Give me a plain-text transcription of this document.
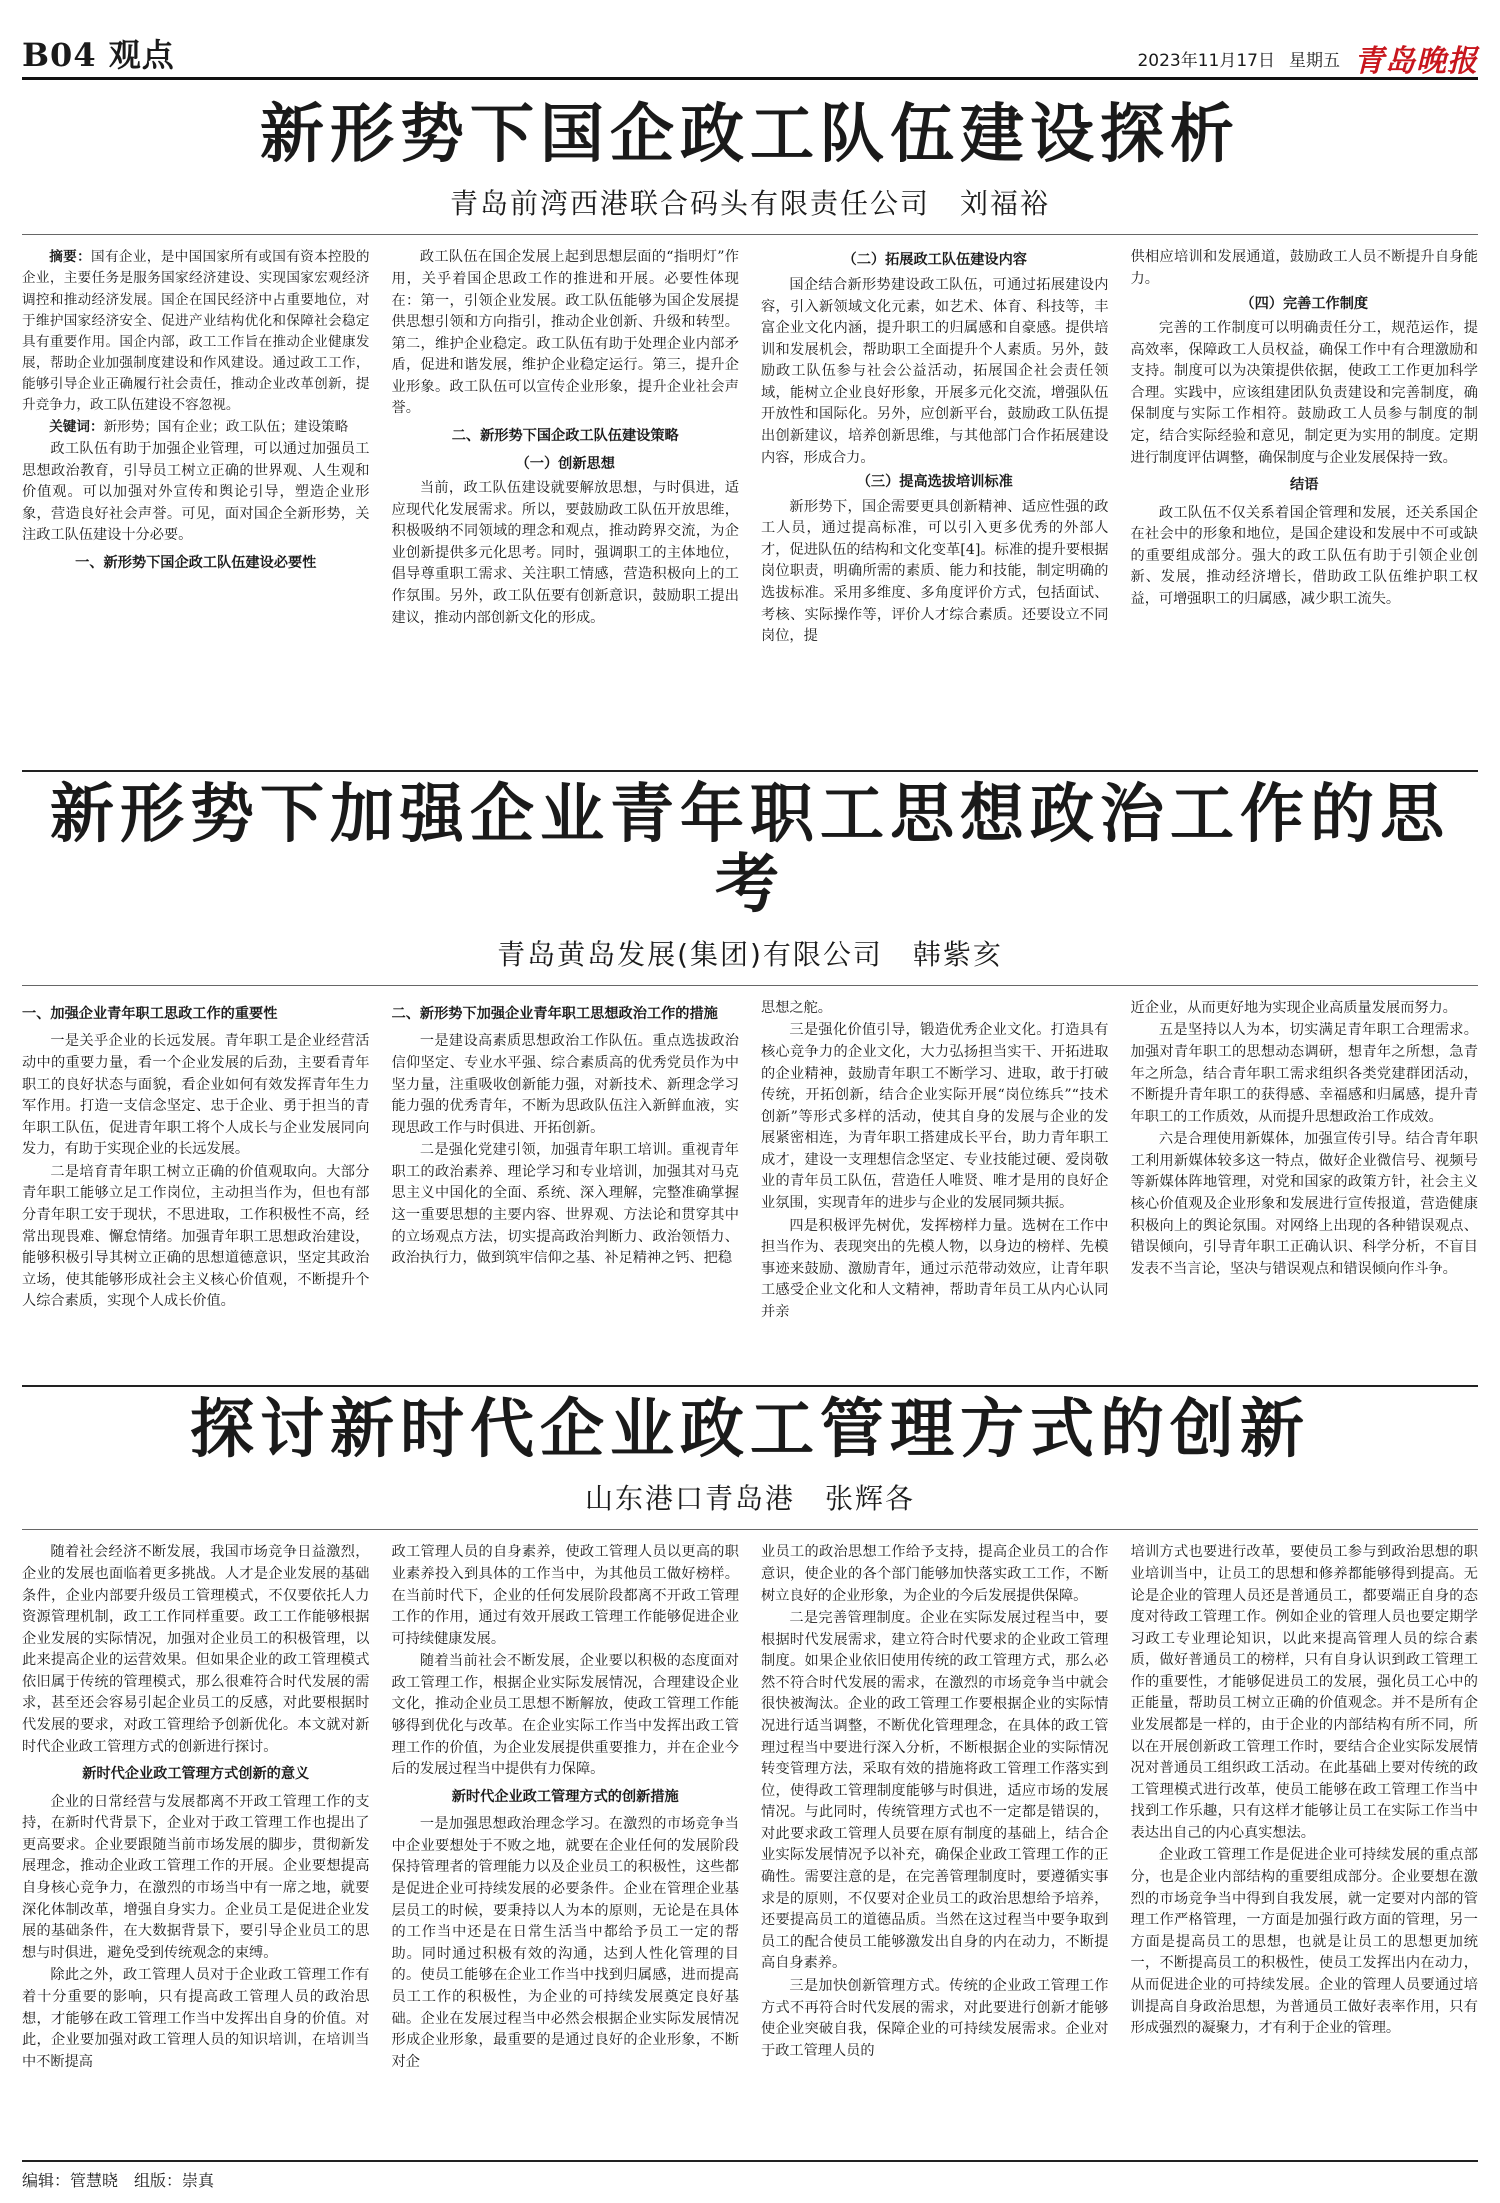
B04 观点	2023年11月17日 星期五 青岛晚报
新形势下国企政工队伍建设探析
青岛前湾西港联合码头有限责任公司　刘福裕

摘要：国有企业，是中国国家所有或国有资本控股的企业，主要任务是服务国家经济建设、实现国家宏观经济调控和推动经济发展。国企在国民经济中占重要地位，对于维护国家经济安全、促进产业结构优化和保障社会稳定具有重要作用。国企内部，政工工作旨在推动企业健康发展，帮助企业加强制度建设和作风建设。通过政工工作，能够引导企业正确履行社会责任，推动企业改革创新，提升竞争力，政工队伍建设不容忽视。

关键词：新形势；国有企业；政工队伍；建设策略

政工队伍有助于加强企业管理，可以通过加强员工思想政治教育，引导员工树立正确的世界观、人生观和价值观。可以加强对外宣传和舆论引导，塑造企业形象，营造良好社会声誉。可见，面对国企全新形势，关注政工队伍建设十分必要。

一、新形势下国企政工队伍建设必要性

政工队伍在国企发展上起到思想层面的“指明灯”作用，关乎着国企思政工作的推进和开展。必要性体现在：第一，引领企业发展。政工队伍能够为国企发展提供思想引领和方向指引，推动企业创新、升级和转型。第二，维护企业稳定。政工队伍有助于处理企业内部矛盾，促进和谐发展，维护企业稳定运行。第三，提升企业形象。政工队伍可以宣传企业形象，提升企业社会声誉。

二、新形势下国企政工队伍建设策略
（一）创新思想

当前，政工队伍建设就要解放思想，与时俱进，适应现代化发展需求。所以，要鼓励政工队伍开放思维，积极吸纳不同领域的理念和观点，推动跨界交流，为企业创新提供多元化思考。同时，强调职工的主体地位，倡导尊重职工需求、关注职工情感，营造积极向上的工作氛围。另外，政工队伍要有创新意识，鼓励职工提出建议，推动内部创新文化的形成。

（二）拓展政工队伍建设内容

国企结合新形势建设政工队伍，可通过拓展建设内容，引入新领域文化元素，如艺术、体育、科技等，丰富企业文化内涵，提升职工的归属感和自豪感。提供培训和发展机会，帮助职工全面提升个人素质。另外，鼓励政工队伍参与社会公益活动，拓展国企社会责任领域，能树立企业良好形象，开展多元化交流，增强队伍开放性和国际化。另外，应创新平台，鼓励政工队伍提出创新建议，培养创新思维，与其他部门合作拓展建设内容，形成合力。

（三）提高选拔培训标准

新形势下，国企需要更具创新精神、适应性强的政工人员，通过提高标准，可以引入更多优秀的外部人才，促进队伍的结构和文化变革[4]。标准的提升要根据岗位职责，明确所需的素质、能力和技能，制定明确的选拔标准。采用多维度、多角度评价方式，包括面试、考核、实际操作等，评价人才综合素质。还要设立不同岗位，提

供相应培训和发展通道，鼓励政工人员不断提升自身能力。

（四）完善工作制度

完善的工作制度可以明确责任分工，规范运作，提高效率，保障政工人员权益，确保工作中有合理激励和支持。制度可以为决策提供依据，使政工工作更加科学合理。实践中，应该组建团队负责建设和完善制度，确保制度与实际工作相符。鼓励政工人员参与制度的制定，结合实际经验和意见，制定更为实用的制度。定期进行制度评估调整，确保制度与企业发展保持一致。

结语

政工队伍不仅关系着国企管理和发展，还关系国企在社会中的形象和地位，是国企建设和发展中不可或缺的重要组成部分。强大的政工队伍有助于引领企业创新、发展，推动经济增长，借助政工队伍维护职工权益，可增强职工的归属感，减少职工流失。

新形势下加强企业青年职工思想政治工作的思考
青岛黄岛发展(集团)有限公司　韩紫亥
一、加强企业青年职工思政工作的重要性

一是关乎企业的长远发展。青年职工是企业经营活动中的重要力量，看一个企业发展的后劲，主要看青年职工的良好状态与面貌，看企业如何有效发挥青年生力军作用。打造一支信念坚定、忠于企业、勇于担当的青年职工队伍，促进青年职工将个人成长与企业发展同向发力，有助于实现企业的长远发展。

二是培育青年职工树立正确的价值观取向。大部分青年职工能够立足工作岗位，主动担当作为，但也有部分青年职工安于现状，不思进取，工作积极性不高，经常出现畏难、懈怠情绪。加强青年职工思想政治建设，能够积极引导其树立正确的思想道德意识，坚定其政治立场，使其能够形成社会主义核心价值观，不断提升个人综合素质，实现个人成长价值。

二、新形势下加强企业青年职工思想政治工作的措施

一是建设高素质思想政治工作队伍。重点选拔政治信仰坚定、专业水平强、综合素质高的优秀党员作为中坚力量，注重吸收创新能力强，对新技术、新理念学习能力强的优秀青年，不断为思政队伍注入新鲜血液，实现思政工作与时俱进、开拓创新。

二是强化党建引领，加强青年职工培训。重视青年职工的政治素养、理论学习和专业培训，加强其对马克思主义中国化的全面、系统、深入理解，完整准确掌握这一重要思想的主要内容、世界观、方法论和贯穿其中的立场观点方法，切实提高政治判断力、政治领悟力、政治执行力，做到筑牢信仰之基、补足精神之钙、把稳

思想之舵。

三是强化价值引导，锻造优秀企业文化。打造具有核心竞争力的企业文化，大力弘扬担当实干、开拓进取的企业精神，鼓励青年职工不断学习、进取，敢于打破传统，开拓创新，结合企业实际开展“岗位练兵”“技术创新”等形式多样的活动，使其自身的发展与企业的发展紧密相连，为青年职工搭建成长平台，助力青年职工成才，建设一支理想信念坚定、专业技能过硬、爱岗敬业的青年员工队伍，营造任人唯贤、唯才是用的良好企业氛围，实现青年的进步与企业的发展同频共振。

四是积极评先树优，发挥榜样力量。选树在工作中担当作为、表现突出的先模人物，以身边的榜样、先模事迹来鼓励、激励青年，通过示范带动效应，让青年职工感受企业文化和人文精神，帮助青年员工从内心认同并亲

近企业，从而更好地为实现企业高质量发展而努力。

五是坚持以人为本，切实满足青年职工合理需求。加强对青年职工的思想动态调研，想青年之所想，急青年之所急，结合青年职工需求组织各类党建群团活动，不断提升青年职工的获得感、幸福感和归属感，提升青年职工的工作质效，从而提升思想政治工作成效。

六是合理使用新媒体，加强宣传引导。结合青年职工利用新媒体较多这一特点，做好企业微信号、视频号等新媒体阵地管理，对党和国家的政策方针，社会主义核心价值观及企业形象和发展进行宣传报道，营造健康积极向上的舆论氛围。对网络上出现的各种错误观点、错误倾向，引导青年职工正确认识、科学分析，不盲目发表不当言论，坚决与错误观点和错误倾向作斗争。

探讨新时代企业政工管理方式的创新
山东港口青岛港　张辉各

随着社会经济不断发展，我国市场竞争日益激烈，企业的发展也面临着更多挑战。人才是企业发展的基础条件，企业内部要升级员工管理模式，不仅要依托人力资源管理机制，政工工作同样重要。政工工作能够根据企业发展的实际情况，加强对企业员工的积极管理，以此来提高企业的运营效果。但如果企业的政工管理模式依旧属于传统的管理模式，那么很难符合时代发展的需求，甚至还会容易引起企业员工的反感，对此要根据时代发展的要求，对政工管理给予创新优化。本文就对新时代企业政工管理方式的创新进行探讨。

新时代企业政工管理方式创新的意义

企业的日常经营与发展都离不开政工管理工作的支持，在新时代背景下，企业对于政工管理工作也提出了更高要求。企业要跟随当前市场发展的脚步，贯彻新发展理念，推动企业政工管理工作的开展。企业要想提高自身核心竞争力，在激烈的市场当中有一席之地，就要深化体制改革，增强自身实力。企业员工是促进企业发展的基础条件，在大数据背景下，要引导企业员工的思想与时俱进，避免受到传统观念的束缚。

除此之外，政工管理人员对于企业政工管理工作有着十分重要的影响，只有提高政工管理人员的政治思想，才能够在政工管理工作当中发挥出自身的价值。对此，企业要加强对政工管理人员的知识培训，在培训当中不断提高

政工管理人员的自身素养，使政工管理人员以更高的职业素养投入到具体的工作当中，为其他员工做好榜样。在当前时代下，企业的任何发展阶段都离不开政工管理工作的作用，通过有效开展政工管理工作能够促进企业可持续健康发展。

随着当前社会不断发展，企业要以积极的态度面对政工管理工作，根据企业实际发展情况，合理建设企业文化，推动企业员工思想不断解放，使政工管理工作能够得到优化与改革。在企业实际工作当中发挥出政工管理工作的价值，为企业发展提供重要推力，并在企业今后的发展过程当中提供有力保障。

新时代企业政工管理方式的创新措施

一是加强思想政治理念学习。在激烈的市场竞争当中企业要想处于不败之地，就要在企业任何的发展阶段保持管理者的管理能力以及企业员工的积极性，这些都是促进企业可持续发展的必要条件。企业在管理企业基层员工的时候，要秉持以人为本的原则，无论是在具体的工作当中还是在日常生活当中都给予员工一定的帮助。同时通过积极有效的沟通，达到人性化管理的目的。使员工能够在企业工作当中找到归属感，进而提高员工工作的积极性，为企业的可持续发展奠定良好基础。企业在发展过程当中必然会根据企业实际发展情况形成企业形象，最重要的是通过良好的企业形象，不断对企

业员工的政治思想工作给予支持，提高企业员工的合作意识，使企业的各个部门能够加快落实政工工作，不断树立良好的企业形象，为企业的今后发展提供保障。

二是完善管理制度。企业在实际发展过程当中，要根据时代发展需求，建立符合时代要求的企业政工管理制度。如果企业依旧使用传统的政工管理方式，那么必然不符合时代发展的需求，在激烈的市场竞争当中就会很快被淘汰。企业的政工管理工作要根据企业的实际情况进行适当调整，不断优化管理理念，在具体的政工管理过程当中要进行深入分析，不断根据企业的实际情况转变管理方法，采取有效的措施将政工管理工作落实到位，使得政工管理制度能够与时俱进，适应市场的发展情况。与此同时，传统管理方式也不一定都是错误的，对此要求政工管理人员要在原有制度的基础上，结合企业实际发展情况予以补充，确保企业政工管理工作的正确性。需要注意的是，在完善管理制度时，要遵循实事求是的原则，不仅要对企业员工的政治思想给予培养，还要提高员工的道德品质。当然在这过程当中要争取到员工的配合使员工能够激发出自身的内在动力，不断提高自身素养。

三是加快创新管理方式。传统的企业政工管理工作方式不再符合时代发展的需求，对此要进行创新才能够使企业突破自我，保障企业的可持续发展需求。企业对于政工管理人员的

培训方式也要进行改革，要使员工参与到政治思想的职业培训当中，让员工的思想和修养都能够得到提高。无论是企业的管理人员还是普通员工，都要端正自身的态度对待政工管理工作。例如企业的管理人员也要定期学习政工专业理论知识，以此来提高管理人员的综合素质，做好普通员工的榜样，只有自身认识到政工管理工作的重要性，才能够促进员工的发展，强化员工心中的正能量，帮助员工树立正确的价值观念。并不是所有企业发展都是一样的，由于企业的内部结构有所不同，所以在开展创新政工管理工作时，要结合企业实际发展情况对普通员工组织政工活动。在此基础上要对传统的政工管理模式进行改革，使员工能够在政工管理工作当中找到工作乐趣，只有这样才能够让员工在实际工作当中表达出自己的内心真实想法。

企业政工管理工作是促进企业可持续发展的重点部分，也是企业内部结构的重要组成部分。企业要想在激烈的市场竞争当中得到自我发展，就一定要对内部的管理工作严格管理，一方面是加强行政方面的管理，另一方面是提高员工的思想，也就是让员工的思想更加统一，不断提高员工的积极性，使员工发挥出内在动力，从而促进企业的可持续发展。企业的管理人员要通过培训提高自身政治思想，为普通员工做好表率作用，只有形成强烈的凝聚力，才有利于企业的管理。

编辑：管慧晓　组版：崇真
